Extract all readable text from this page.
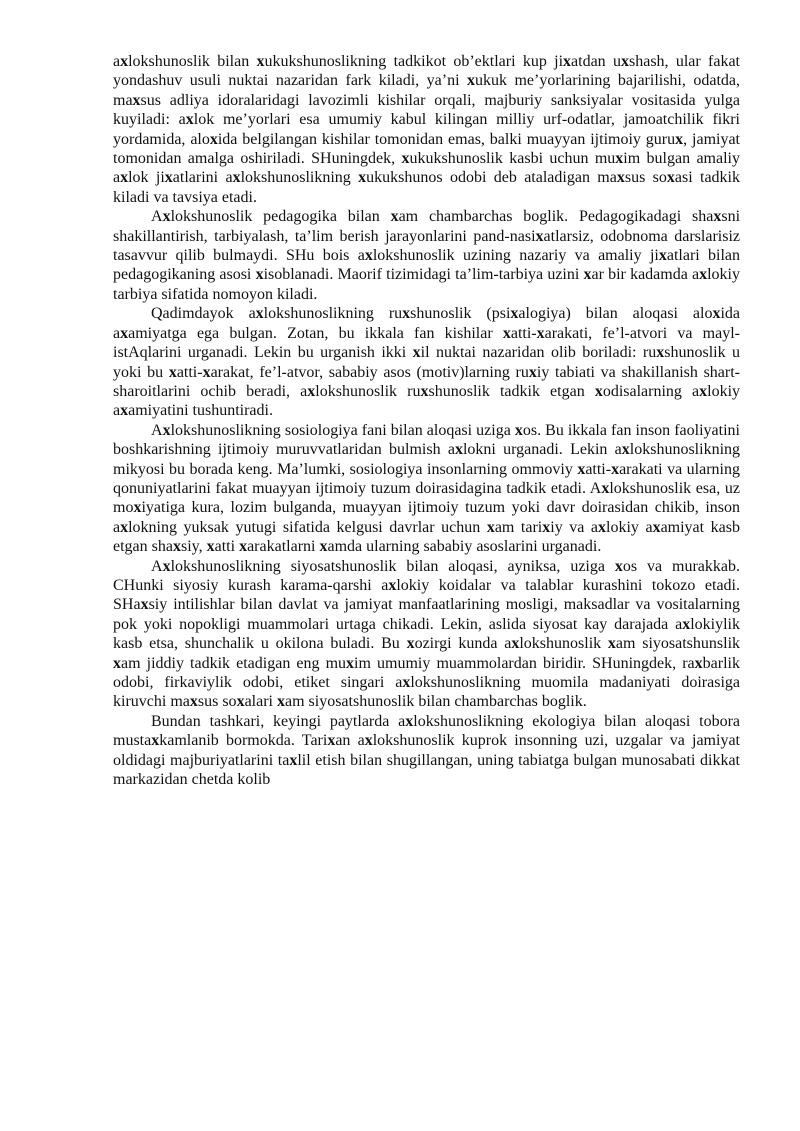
axlokshunoslik bilan xukukshunoslikning tadkikot ob’ektlari kup jixatdan uxshash, ular fakat yondashuv usuli nuktai nazaridan fark kiladi, ya’ni xukuk me’yorlarining bajarilishi, odatda, maxsus adliya idoralaridagi lavozimli kishilar orqali, majburiy sanksiyalar vositasida yulga kuyiladi: axlok me’yorlari esa umumiy kabul kilingan milliy urf-odatlar, jamoatchilik fikri yordamida, aloxida belgilangan kishilar tomonidan emas, balki muayyan ijtimoiy gurux, jamiyat tomonidan amalga oshiriladi. SHuningdek, xukukshunoslik kasbi uchun muxim bulgan amaliy axlok jixatlarini axlokshunoslikning xukukshunos odobi deb ataladigan maxsus soxasi tadkik kiladi va tavsiya etadi.

Axlokshunoslik pedagogika bilan xam chambarchas boglik. Pedagogikadagi shaxsni shakillantirish, tarbiyalash, ta’lim berish jarayonlarini pand-nasixatlarsiz, odobnoma darslarisiz tasavvur qilib bulmaydi. SHu bois axlokshunoslik uzining nazariy va amaliy jixatlari bilan pedagogikaning asosi xisoblanadi. Maorif tizimidagi ta’lim-tarbiya uzini xar bir kadamda axlokiy tarbiya sifatida nomoyon kiladi.

Qadimdayok axlokshunoslikning ruxshunoslik (psixalogiya) bilan aloqasi aloxida axamiyatga ega bulgan. Zotan, bu ikkala fan kishilar xatti-xarakati, fe’l-atvori va mayl-istAqlarini urganadi. Lekin bu urganish ikki xil nuktai nazaridan olib boriladi: ruxshunoslik u yoki bu xatti-xarakat, fe’l-atvor, sababiy asos (motiv)larning ruxiy tabiati va shakillanish shart-sharoitlarini ochib beradi, axlokshunoslik ruxshunoslik tadkik etgan xodisalarning axlokiy axamiyatini tushuntiradi.

Axlokshunoslikning sosiologiya fani bilan aloqasi uziga xos. Bu ikkala fan inson faoliyatini boshkarishning ijtimoiy muruvvatlaridan bulmish axlokni urganadi. Lekin axlokshunoslikning mikyosi bu borada keng. Ma’lumki, sosiologiya insonlarning ommoviy xatti-xarakati va ularning qonuniyatlarini fakat muayyan ijtimoiy tuzum doirasidagina tadkik etadi. Axlokshunoslik esa, uz moxiyatiga kura, lozim bulganda, muayyan ijtimoiy tuzum yoki davr doirasidan chikib, inson axlokning yuksak yutugi sifatida kelgusi davrlar uchun xam tarixiy va axlokiy axamiyat kasb etgan shaxsiy, xatti xarakatlarni xamda ularning sababiy asoslarini urganadi.

Axlokshunoslikning siyosatshunoslik bilan aloqasi, ayniksa, uziga xos va murakkab. CHunki siyosiy kurash karama-qarshi axlokiy koidalar va talablar kurashini tokozo etadi. SHaxsiy intilishlar bilan davlat va jamiyat manfaatlarining mosligi, maksadlar va vositalarning pok yoki nopokligi muammolari urtaga chikadi. Lekin, aslida siyosat kay darajada axlokiylik kasb etsa, shunchalik u okilona buladi. Bu xozirgi kunda axlokshunoslik xam siyosatshunslik xam jiddiy tadkik etadigan eng muxim umumiy muammolardan biridir. SHuningdek, raxbarlik odobi, firkaviylik odobi, etiket singari axlokshunoslikning muomila madaniyati doirasiga kiruvchi maxsus soxalari xam siyosatshunoslik bilan chambarchas boglik.

Bundan tashkari, keyingi paytlarda axlokshunoslikning ekologiya bilan aloqasi tobora mustaxkamlanib bormokda. Tarixan axlokshunoslik kuprok insonning uzi, uzgalar va jamiyat oldidagi majburiyatlarini taxlil etish bilan shugillangan, uning tabiatga bulgan munosabati dikkat markazidan chetda kolib
